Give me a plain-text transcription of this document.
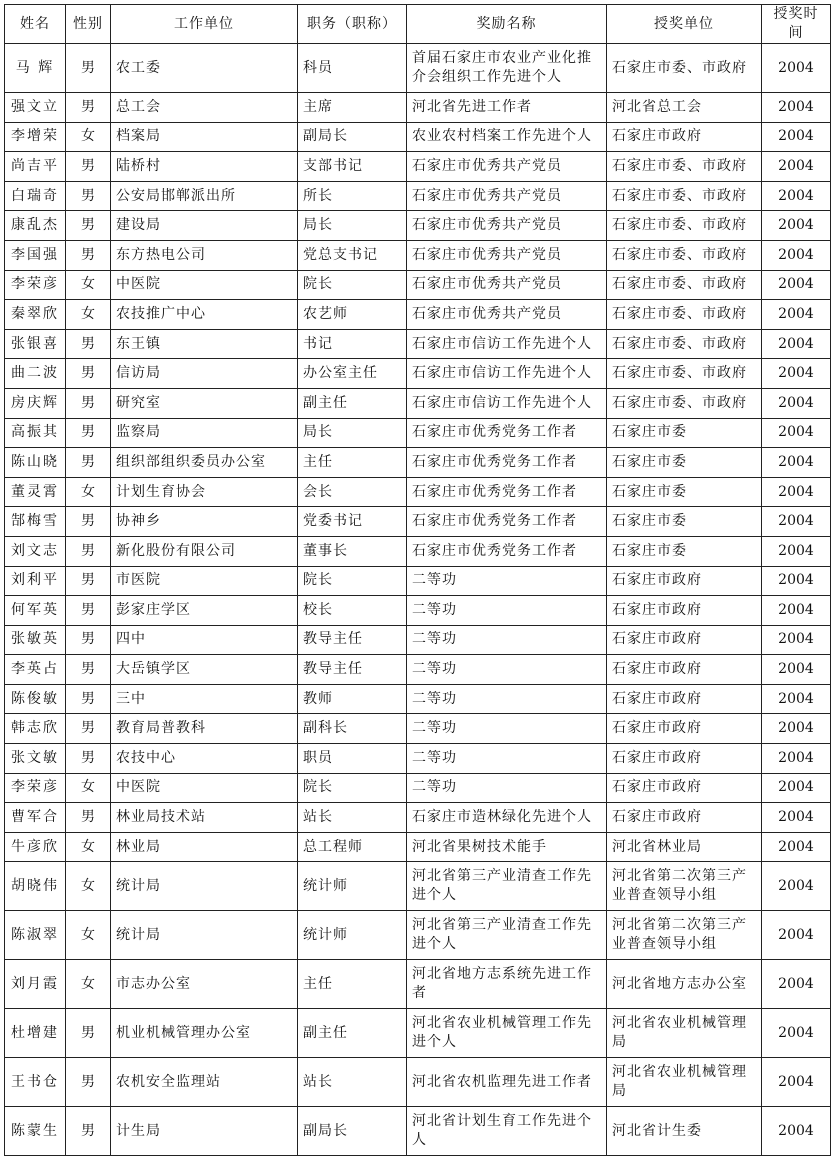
姓名	性别	工作单位	职务（职称）	奖励名称	授奖单位	授奖时间
马 辉	男	农工委	科员	首届石家庄市农业产业化推介会组织工作先进个人	石家庄市委、市政府	2004
强文立	男	总工会	主席	河北省先进工作者	河北省总工会	2004
李增荣	女	档案局	副局长	农业农村档案工作先进个人	石家庄市政府	2004
尚吉平	男	陆桥村	支部书记	石家庄市优秀共产党员	石家庄市委、市政府	2004
白瑞奇	男	公安局邯郸派出所	所长	石家庄市优秀共产党员	石家庄市委、市政府	2004
康乱杰	男	建设局	局长	石家庄市优秀共产党员	石家庄市委、市政府	2004
李国强	男	东方热电公司	党总支书记	石家庄市优秀共产党员	石家庄市委、市政府	2004
李荣彦	女	中医院	院长	石家庄市优秀共产党员	石家庄市委、市政府	2004
秦翠欣	女	农技推广中心	农艺师	石家庄市优秀共产党员	石家庄市委、市政府	2004
张银喜	男	东王镇	书记	石家庄市信访工作先进个人	石家庄市委、市政府	2004
曲二波	男	信访局	办公室主任	石家庄市信访工作先进个人	石家庄市委、市政府	2004
房庆辉	男	研究室	副主任	石家庄市信访工作先进个人	石家庄市委、市政府	2004
高振其	男	监察局	局长	石家庄市优秀党务工作者	石家庄市委	2004
陈山晓	男	组织部组织委员办公室	主任	石家庄市优秀党务工作者	石家庄市委	2004
董灵霄	女	计划生育协会	会长	石家庄市优秀党务工作者	石家庄市委	2004
郜梅雪	男	协神乡	党委书记	石家庄市优秀党务工作者	石家庄市委	2004
刘文志	男	新化股份有限公司	董事长	石家庄市优秀党务工作者	石家庄市委	2004
刘利平	男	市医院	院长	二等功	石家庄市政府	2004
何军英	男	彭家庄学区	校长	二等功	石家庄市政府	2004
张敏英	男	四中	教导主任	二等功	石家庄市政府	2004
李英占	男	大岳镇学区	教导主任	二等功	石家庄市政府	2004
陈俊敏	男	三中	教师	二等功	石家庄市政府	2004
韩志欣	男	教育局普教科	副科长	二等功	石家庄市政府	2004
张文敏	男	农技中心	职员	二等功	石家庄市政府	2004
李荣彦	女	中医院	院长	二等功	石家庄市政府	2004
曹军合	男	林业局技术站	站长	石家庄市造林绿化先进个人	石家庄市政府	2004
牛彦欣	女	林业局	总工程师	河北省果树技术能手	河北省林业局	2004
胡晓伟	女	统计局	统计师	河北省第三产业清查工作先进个人	河北省第二次第三产业普查领导小组	2004
陈淑翠	女	统计局	统计师	河北省第三产业清查工作先进个人	河北省第二次第三产业普查领导小组	2004
刘月霞	女	市志办公室	主任	河北省地方志系统先进工作者	河北省地方志办公室	2004
杜增建	男	机业机械管理办公室	副主任	河北省农业机械管理工作先进个人	河北省农业机械管理局	2004
王书仓	男	农机安全监理站	站长	河北省农机监理先进工作者	河北省农业机械管理局	2004
陈蒙生	男	计生局	副局长	河北省计划生育工作先进个人	河北省计生委	2004
